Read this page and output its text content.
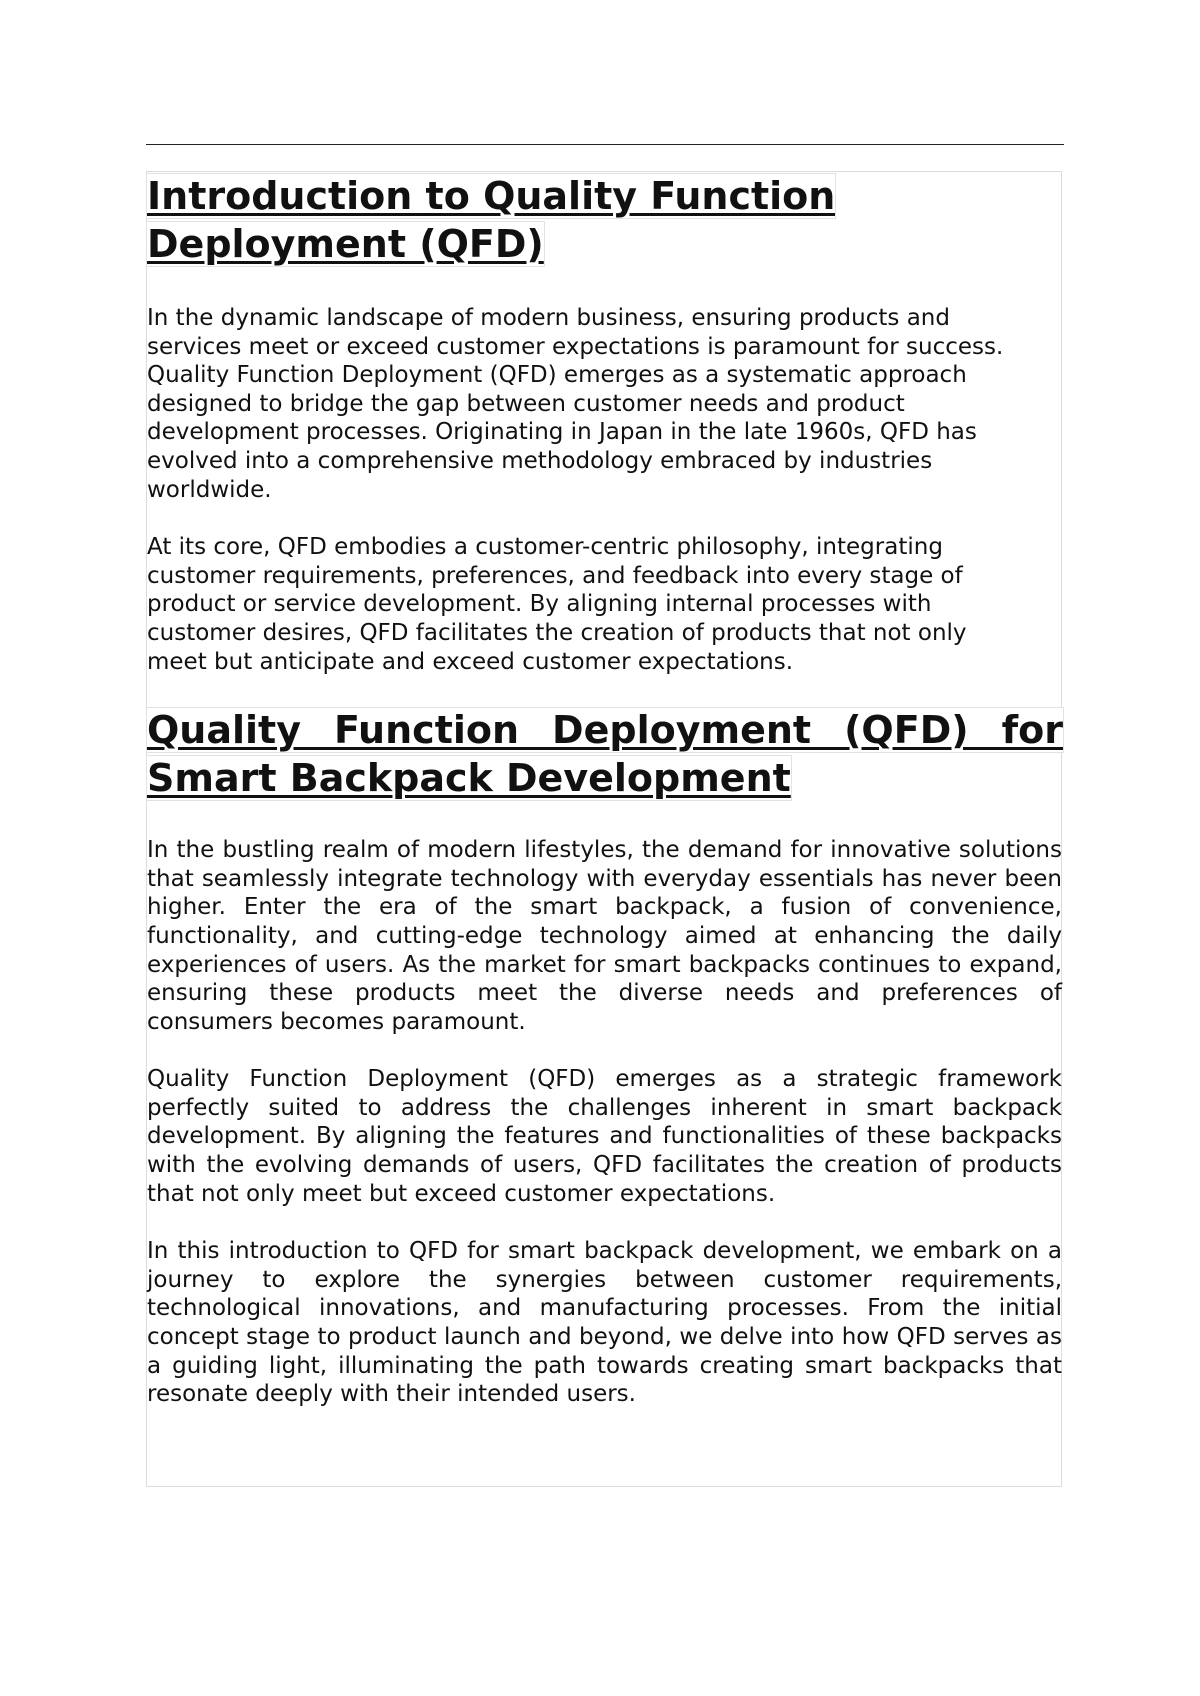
Introduction to Quality Function Deployment (QFD)

In the dynamic landscape of modern business, ensuring products and services meet or exceed customer expectations is paramount for success. Quality Function Deployment (QFD) emerges as a systematic approach designed to bridge the gap between customer needs and product development processes. Originating in Japan in the late 1960s, QFD has evolved into a comprehensive methodology embraced by industries worldwide.

At its core, QFD embodies a customer-centric philosophy, integrating customer requirements, preferences, and feedback into every stage of product or service development. By aligning internal processes with customer desires, QFD facilitates the creation of products that not only meet but anticipate and exceed customer expectations.

Quality Function Deployment (QFD) for Smart Backpack Development

In the bustling realm of modern lifestyles, the demand for innovative solutions that seamlessly integrate technology with everyday essentials has never been higher. Enter the era of the smart backpack, a fusion of convenience, functionality, and cutting-edge technology aimed at enhancing the daily experiences of users. As the market for smart backpacks continues to expand, ensuring these products meet the diverse needs and preferences of consumers becomes paramount.

Quality Function Deployment (QFD) emerges as a strategic framework perfectly suited to address the challenges inherent in smart backpack development. By aligning the features and functionalities of these backpacks with the evolving demands of users, QFD facilitates the creation of products that not only meet but exceed customer expectations.

In this introduction to QFD for smart backpack development, we embark on a journey to explore the synergies between customer requirements, technological innovations, and manufacturing processes. From the initial concept stage to product launch and beyond, we delve into how QFD serves as a guiding light, illuminating the path towards creating smart backpacks that resonate deeply with their intended users.
